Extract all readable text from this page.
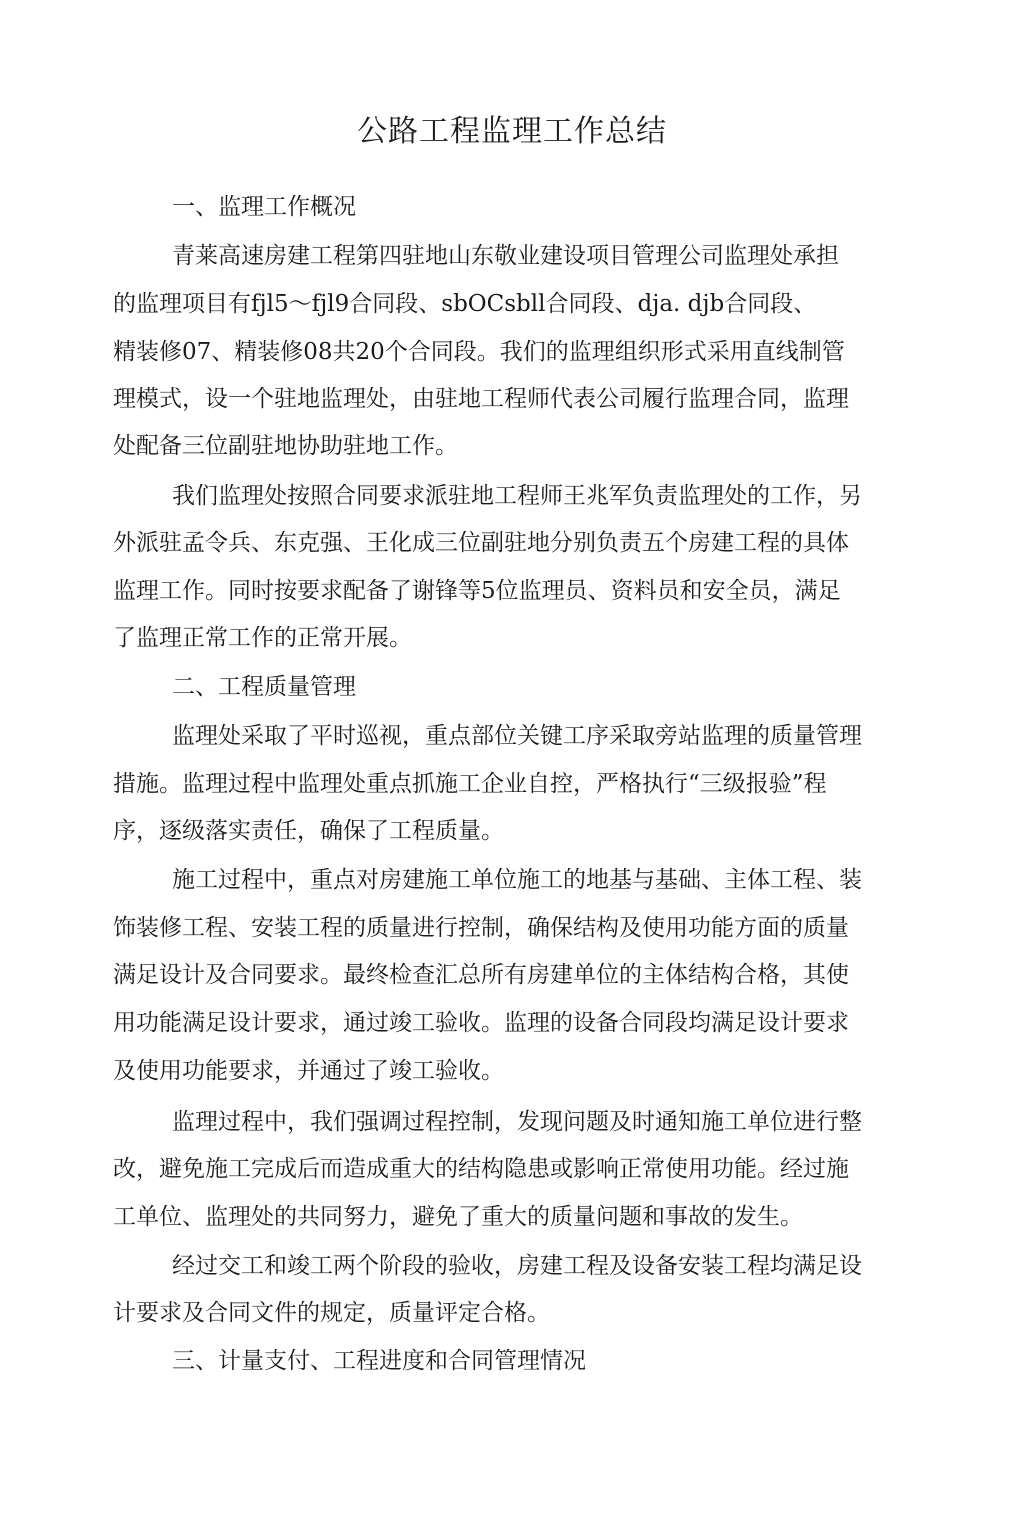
公路工程监理工作总结
一、监理工作概况
青莱高速房建工程第四驻地山东敬业建设项目管理公司监理处承担
的监理项目有fjl5～fjl9合同段、sbOCsbll合同段、dja. djb合同段、
精装修07、精装修08共20个合同段。我们的监理组织形式采用直线制管
理模式，设一个驻地监理处，由驻地工程师代表公司履行监理合同，监理
处配备三位副驻地协助驻地工作。
我们监理处按照合同要求派驻地工程师王兆军负责监理处的工作，另
外派驻孟令兵、东克强、王化成三位副驻地分别负责五个房建工程的具体
监理工作。同时按要求配备了谢锋等5位监理员、资料员和安全员，满足
了监理正常工作的正常开展。
二、工程质量管理
监理处采取了平时巡视，重点部位关键工序采取旁站监理的质量管理
措施。监理过程中监理处重点抓施工企业自控，严格执行“三级报验”程
序，逐级落实责任，确保了工程质量。
施工过程中，重点对房建施工单位施工的地基与基础、主体工程、装
饰装修工程、安装工程的质量进行控制，确保结构及使用功能方面的质量
满足设计及合同要求。最终检查汇总所有房建单位的主体结构合格，其使
用功能满足设计要求，通过竣工验收。监理的设备合同段均满足设计要求
及使用功能要求，并通过了竣工验收。
监理过程中，我们强调过程控制，发现问题及时通知施工单位进行整
改，避免施工完成后而造成重大的结构隐患或影响正常使用功能。经过施
工单位、监理处的共同努力，避免了重大的质量问题和事故的发生。
经过交工和竣工两个阶段的验收，房建工程及设备安装工程均满足设
计要求及合同文件的规定，质量评定合格。
三、计量支付、工程进度和合同管理情况
